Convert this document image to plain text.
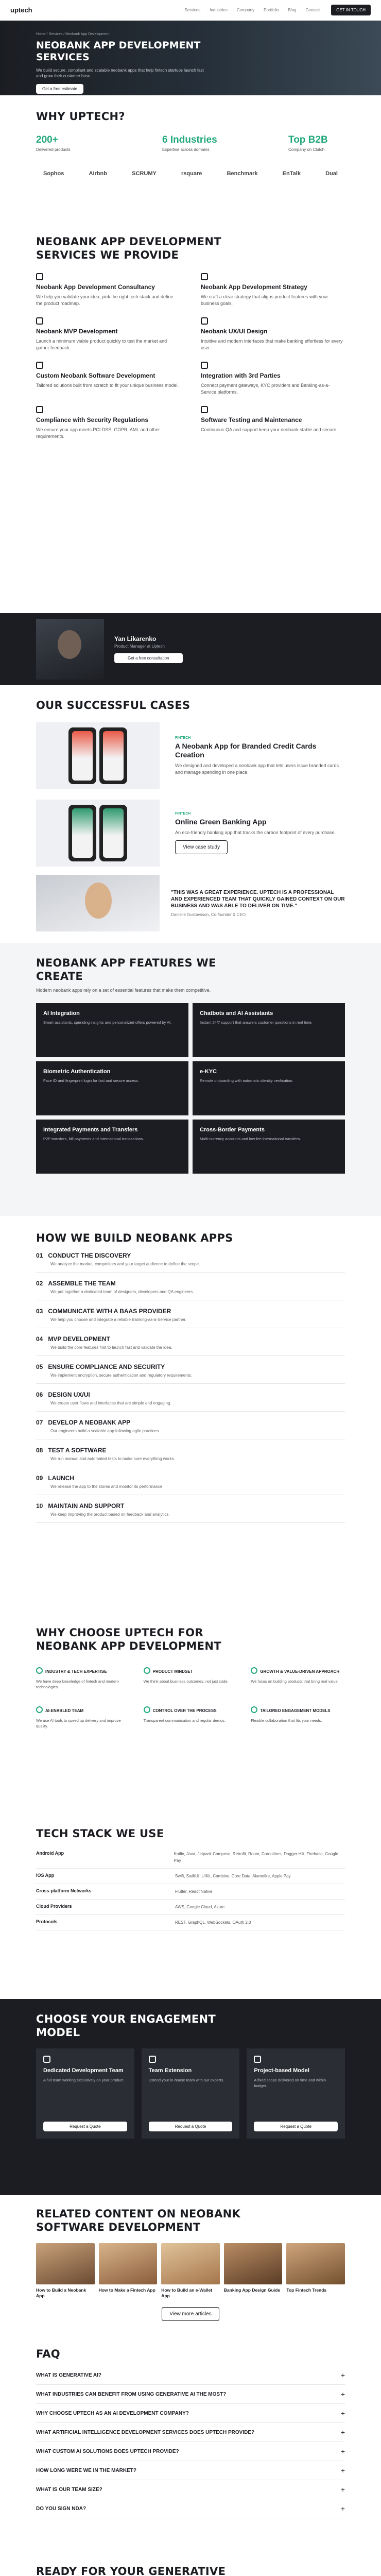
uptech	Services Industries Company Portfolio Blog Contact	GET IN TOUCH
Home / Services / Neobank App Development
NEOBANK APP DEVELOPMENT SERVICES

We build secure, compliant and scalable neobank apps that help fintech startups launch fast and grow their customer base.

Get a free estimate
WHY UPTECH?
200+
Delivered products
6 Industries
Expertise across domains
Top B2B
Company on Clutch
Sophos	Airbnb	SCRUMY	rsquare	Benchmark	EnTalk	Dual
NEOBANK APP DEVELOPMENT SERVICES WE PROVIDE
Neobank App Development Consultancy

We help you validate your idea, pick the right tech stack and define the product roadmap.

Neobank App Development Strategy

We craft a clear strategy that aligns product features with your business goals.

Neobank MVP Development

Launch a minimum viable product quickly to test the market and gather feedback.

Neobank UX/UI Design

Intuitive and modern interfaces that make banking effortless for every user.

Custom Neobank Software Development

Tailored solutions built from scratch to fit your unique business model.

Integration with 3rd Parties

Connect payment gateways, KYC providers and Banking-as-a-Service platforms.

Compliance with Security Regulations

We ensure your app meets PCI DSS, GDPR, AML and other requirements.

Software Testing and Maintenance

Continuous QA and support keep your neobank stable and secure.

Yan Likarenko
Product Manager at Uptech
Get a free consultation
OUR SUCCESSFUL CASES
FINTECH
A Neobank App for Branded Credit Cards Creation

We designed and developed a neobank app that lets users issue branded cards and manage spending in one place.

FINTECH
Online Green Banking App

An eco-friendly banking app that tracks the carbon footprint of every purchase.

View case study
"THIS WAS A GREAT EXPERIENCE. UPTECH IS A PROFESSIONAL AND EXPERIENCED TEAM THAT QUICKLY GAINED CONTEXT ON OUR BUSINESS AND WAS ABLE TO DELIVER ON TIME."
Danielle Gustavsson, Co-founder & CEO
NEOBANK APP FEATURES WE CREATE

Modern neobank apps rely on a set of essential features that make them competitive.

AI Integration

Smart assistants, spending insights and personalized offers powered by AI.

Chatbots and AI Assistants

Instant 24/7 support that answers customer questions in real time.

Biometric Authentication

Face ID and fingerprint login for fast and secure access.

e-KYC

Remote onboarding with automatic identity verification.

Integrated Payments and Transfers

P2P transfers, bill payments and international transactions.

Cross-Border Payments

Multi-currency accounts and low-fee international transfers.

HOW WE BUILD NEOBANK APPS
01 CONDUCT THE DISCOVERY

We analyze the market, competitors and your target audience to define the scope.

02 ASSEMBLE THE TEAM

We put together a dedicated team of designers, developers and QA engineers.

03 COMMUNICATE WITH A BAAS PROVIDER

We help you choose and integrate a reliable Banking-as-a-Service partner.

04 MVP DEVELOPMENT

We build the core features first to launch fast and validate the idea.

05 ENSURE COMPLIANCE AND SECURITY

We implement encryption, secure authentication and regulatory requirements.

06 DESIGN UX/UI

We create user flows and interfaces that are simple and engaging.

07 DEVELOP A NEOBANK APP

Our engineers build a scalable app following agile practices.

08 TEST A SOFTWARE

We run manual and automated tests to make sure everything works.

09 LAUNCH

We release the app to the stores and monitor its performance.

10 MAINTAIN AND SUPPORT

We keep improving the product based on feedback and analytics.

WHY CHOOSE UPTECH FOR NEOBANK APP DEVELOPMENT
INDUSTRY & TECH EXPERTISE

We have deep knowledge of fintech and modern technologies.

PRODUCT MINDSET

We think about business outcomes, not just code.

GROWTH & VALUE-DRIVEN APPROACH

We focus on building products that bring real value.

AI-ENABLED TEAM

We use AI tools to speed up delivery and improve quality.

CONTROL OVER THE PROCESS

Transparent communication and regular demos.

TAILORED ENGAGEMENT MODELS

Flexible collaboration that fits your needs.

TECH STACK WE USE
Android App	Kotlin, Java, Jetpack Compose, Retrofit, Room, Coroutines, Dagger Hilt, Firebase, Google Pay
iOS App	Swift, SwiftUI, UIKit, Combine, Core Data, Alamofire, Apple Pay
Cross-platform Networks	Flutter, React Native
Cloud Providers	AWS, Google Cloud, Azure
Protocols	REST, GraphQL, WebSockets, OAuth 2.0
CHOOSE YOUR ENGAGEMENT MODEL
Dedicated Development Team

A full team working exclusively on your product.

Request a Quote
Team Extension

Extend your in-house team with our experts.

Request a Quote
Project-based Model

A fixed scope delivered on time and within budget.

Request a Quote
RELATED CONTENT ON NEOBANK SOFTWARE DEVELOPMENT
How to Build a Neobank App
How to Make a Fintech App	How to Build an e-Wallet App
Banking App Design Guide	Top Fintech Trends
View more articles
FAQ
WHAT IS GENERATIVE AI?	+
WHAT INDUSTRIES CAN BENEFIT FROM USING GENERATIVE AI THE MOST?	+
WHY CHOOSE UPTECH AS AN AI DEVELOPMENT COMPANY?	+
WHAT ARTIFICIAL INTELLIGENCE DEVELOPMENT SERVICES DOES UPTECH PROVIDE?	+
WHAT CUSTOM AI SOLUTIONS DOES UPTECH PROVIDE?	+
HOW LONG WERE WE IN THE MARKET?	+
WHAT IS OUR TEAM SIZE?	+
DO YOU SIGN NDA?	+
READY FOR YOUR GENERATIVE
